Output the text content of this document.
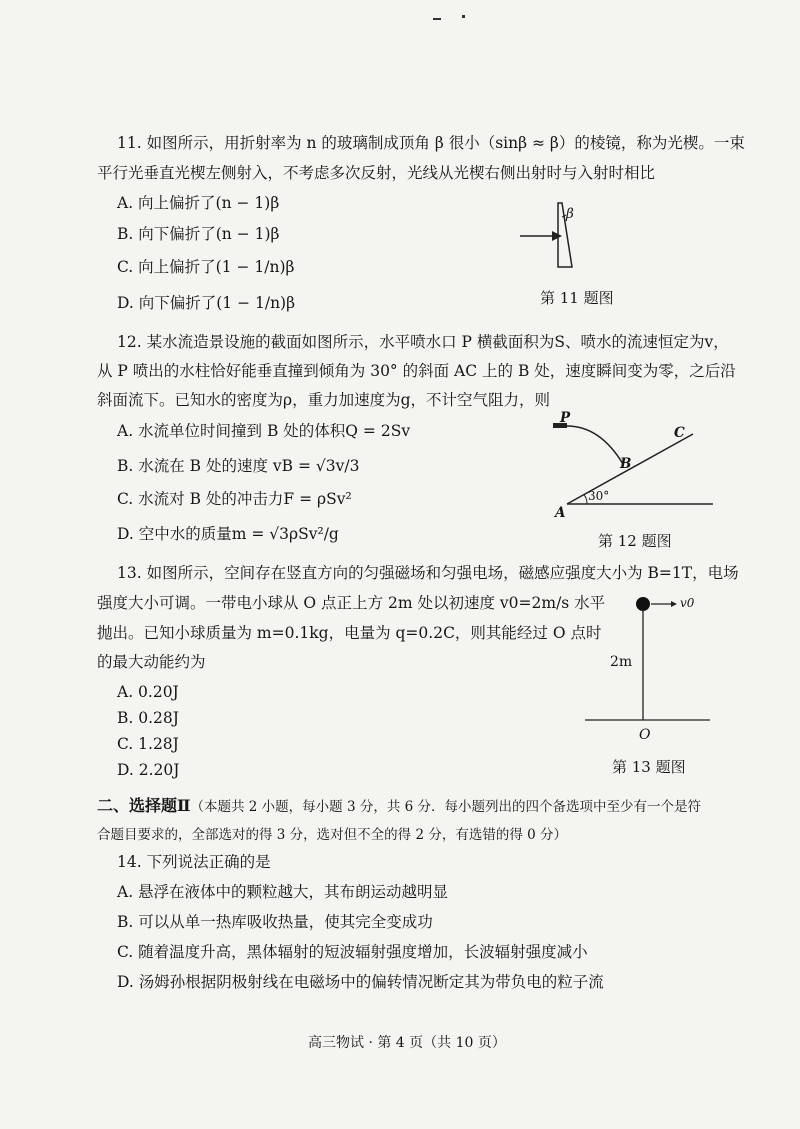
11. 如图所示，用折射率为 n 的玻璃制成顶角 β 很小（sinβ ≈ β）的棱镜，称为光楔。一束
平行光垂直光楔左侧射入，不考虑多次反射，光线从光楔右侧出射时与入射时相比
A. 向上偏折了(n − 1)β
B. 向下偏折了(n − 1)β
C. 向上偏折了(1 − 1/n)β
D. 向下偏折了(1 − 1/n)β
β
第 11 题图
12. 某水流造景设施的截面如图所示，水平喷水口 P 横截面积为S、喷水的流速恒定为v，
从 P 喷出的水柱恰好能垂直撞到倾角为 30° 的斜面 AC 上的 B 处，速度瞬间变为零，之后沿
斜面流下。已知水的密度为ρ，重力加速度为g，不计空气阻力，则
A. 水流单位时间撞到 B 处的体积Q = 2Sv
B. 水流在 B 处的速度 vB = √3v/3
C. 水流对 B 处的冲击力F = ρSv²
D. 空中水的质量m = √3ρSv²/g
P
C
B
A
30°
第 12 题图
13. 如图所示，空间存在竖直方向的匀强磁场和匀强电场，磁感应强度大小为 B=1T，电场
强度大小可调。一带电小球从 O 点正上方 2m 处以初速度 v0=2m/s 水平
抛出。已知小球质量为 m=0.1kg，电量为 q=0.2C，则其能经过 O 点时
的最大动能约为
A. 0.20J
B. 0.28J
C. 1.28J
D. 2.20J
v0
2m
O
第 13 题图
二、选择题Ⅱ（本题共 2 小题，每小题 3 分，共 6 分．每小题列出的四个备选项中至少有一个是符
合题目要求的，全部选对的得 3 分，选对但不全的得 2 分，有选错的得 0 分）
14. 下列说法正确的是
A. 悬浮在液体中的颗粒越大，其布朗运动越明显
B. 可以从单一热库吸收热量，使其完全变成功
C. 随着温度升高，黑体辐射的短波辐射强度增加，长波辐射强度减小
D. 汤姆孙根据阴极射线在电磁场中的偏转情况断定其为带负电的粒子流
高三物试 · 第 4 页（共 10 页）
